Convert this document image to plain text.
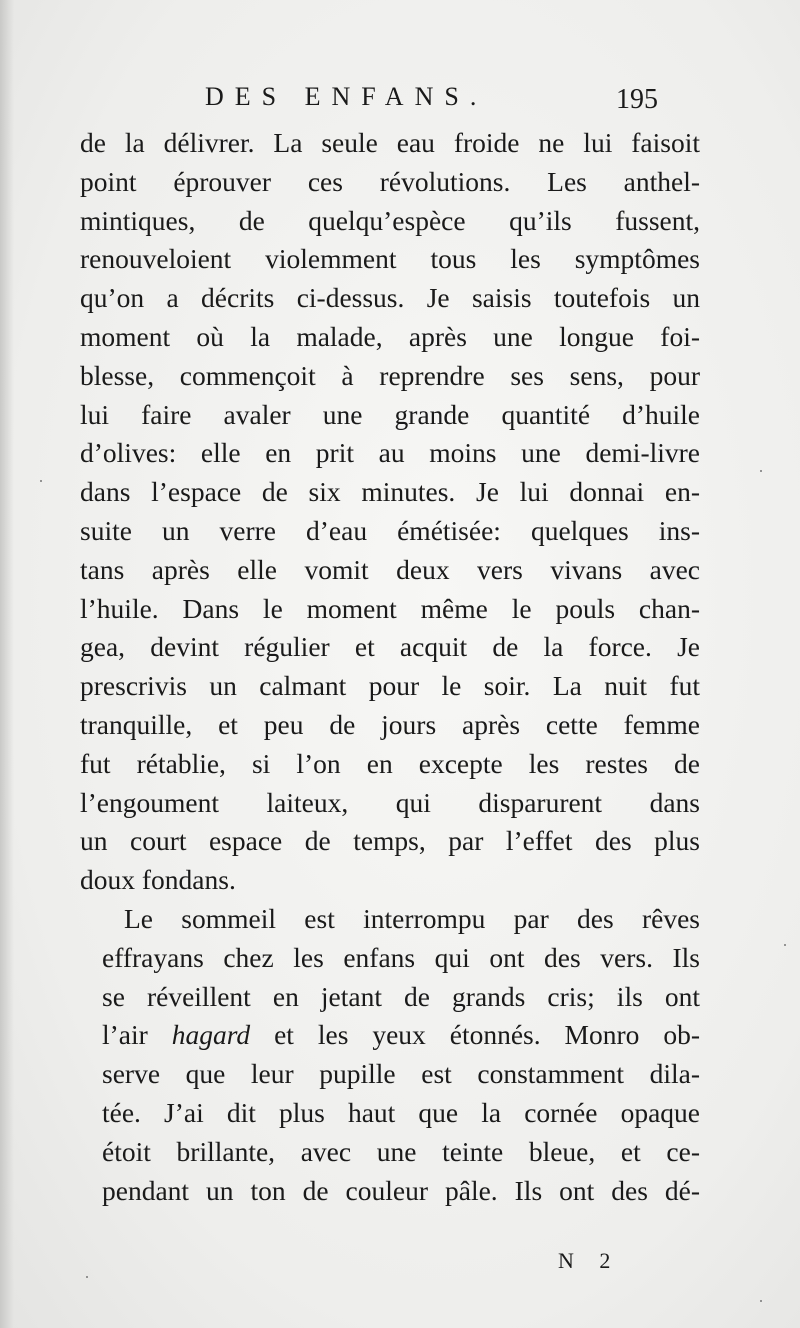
DES ENFANS.	195
de la délivrer. La seule eau froide ne lui faisoit
point éprouver ces révolutions. Les anthel-
mintiques, de quelqu’espèce qu’ils fussent,
renouveloient violemment tous les symptômes
qu’on a décrits ci-dessus. Je saisis toutefois un
moment où la malade, après une longue foi-
blesse, commençoit à reprendre ses sens, pour
lui faire avaler une grande quantité d’huile
d’olives: elle en prit au moins une demi-livre
dans l’espace de six minutes. Je lui donnai en-
suite un verre d’eau émétisée: quelques ins-
tans après elle vomit deux vers vivans avec
l’huile. Dans le moment même le pouls chan-
gea, devint régulier et acquit de la force. Je
prescrivis un calmant pour le soir. La nuit fut
tranquille, et peu de jours après cette femme
fut rétablie, si l’on en excepte les restes de
l’engoument laiteux, qui disparurent dans
un court espace de temps, par l’effet des plus
doux fondans.
Le sommeil est interrompu par des rêves
effrayans chez les enfans qui ont des vers. Ils
se réveillent en jetant de grands cris; ils ont
l’air hagard et les yeux étonnés. Monro ob-
serve que leur pupille est constamment dila-
tée. J’ai dit plus haut que la cornée opaque
étoit brillante, avec une teinte bleue, et ce-
pendant un ton de couleur pâle. Ils ont des dé-
N 2
